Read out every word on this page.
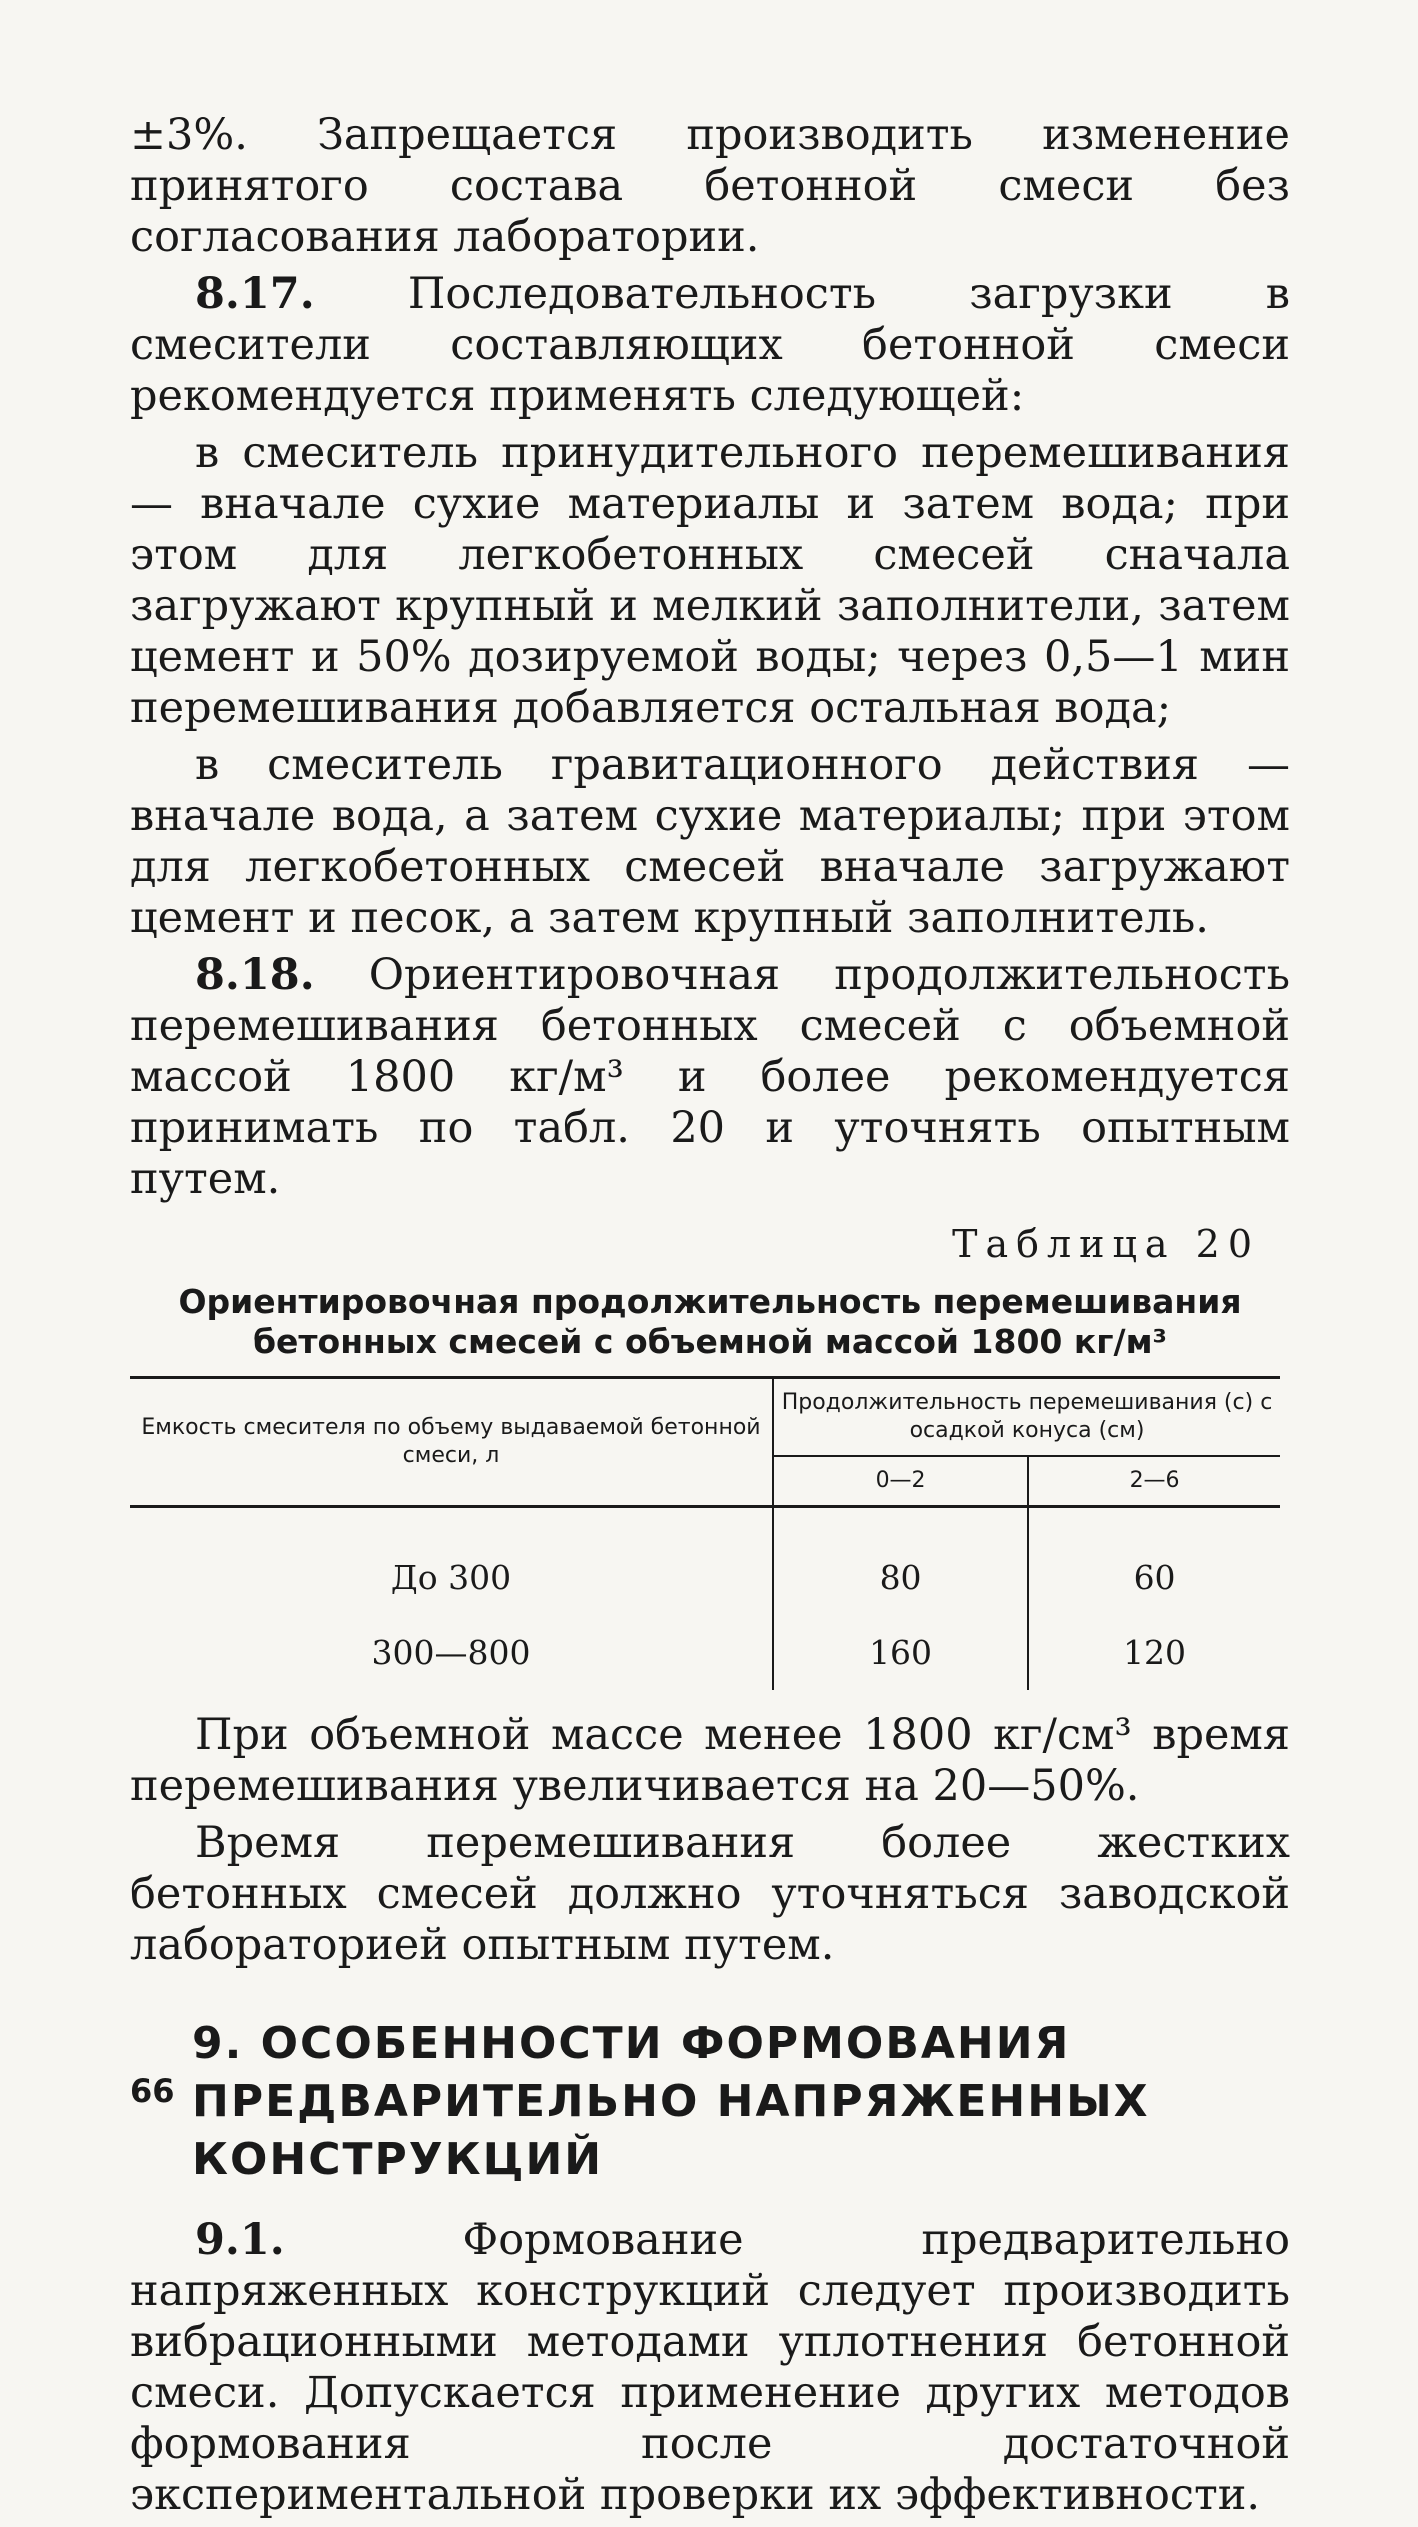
±3%. Запрещается производить изменение принятого состава бетонной смеси без согласования лаборатории.

8.17. Последовательность загрузки в смесители составляющих бетонной смеси рекомендуется применять следующей:

в смеситель принудительного перемешивания — вначале сухие материалы и затем вода; при этом для легкобетонных смесей сначала загружают крупный и мелкий заполнители, затем цемент и 50% дозируемой воды; через 0,5—1 мин перемешивания добавляется остальная вода;

в смеситель гравитационного действия — вначале вода, а затем сухие материалы; при этом для легкобетонных смесей вначале загружают цемент и песок, а затем крупный заполнитель.

8.18. Ориентировочная продолжительность перемешивания бетонных смесей с объемной массой 1800 кг/м³ и более рекомендуется принимать по табл. 20 и уточнять опытным путем.

Таблица 20
Ориентировочная продолжительность перемешивания
бетонных смесей с объемной массой 1800 кг/м³
Емкость смесителя по объему выдаваемой бетонной смеси, л	Продолжительность перемешивания (с) с осадкой конуса (см)	
	0—2	2—6

До 300	80	60
300—800	160	120

При объемной массе менее 1800 кг/см³ время перемешивания увеличивается на 20—50%.

Время перемешивания более жестких бетонных смесей должно уточняться заводской лабораторией опытным путем.

9. ОСОБЕННОСТИ ФОРМОВАНИЯ
ПРЕДВАРИТЕЛЬНО НАПРЯЖЕННЫХ
КОНСТРУКЦИЙ

9.1. Формование предварительно напряженных конструкций следует производить вибрационными методами уплотнения бетонной смеси. Допускается применение других методов формования после достаточной экспериментальной проверки их эффективности.

66
